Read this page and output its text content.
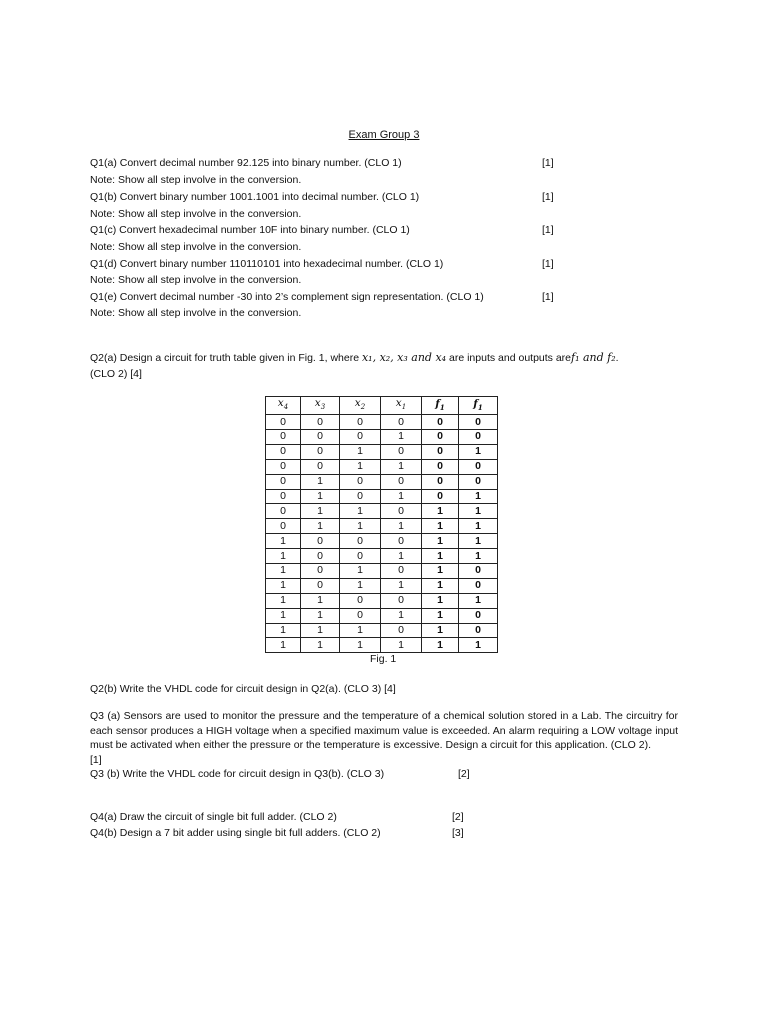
Exam Group 3
Q1(a) Convert decimal number 92.125 into binary number. (CLO 1)	[1]
Note: Show all step involve in the conversion.
Q1(b) Convert binary number 1001.1001 into decimal number. (CLO 1)	[1]
Note: Show all step involve in the conversion.
Q1(c) Convert hexadecimal number 10F into binary number. (CLO 1)	[1]
Note: Show all step involve in the conversion.
Q1(d) Convert binary number 110110101 into hexadecimal number. (CLO 1)	[1]
Note: Show all step involve in the conversion.
Q1(e) Convert decimal number -30 into 2’s complement sign representation. (CLO 1)	[1]
Note: Show all step involve in the conversion.
Q2(a) Design a circuit for truth table given in Fig. 1, where x₁, x₂, x₃ and x₄ are inputs and outputs aref₁ and f₂.
(CLO 2) [4]
$x_4$	$x_3$	$x_2$	$x_1$	$f_1$	$f_1$
0	0	0	0	0	0
0	0	0	1	0	0
0	0	1	0	0	1
0	0	1	1	0	0
0	1	0	0	0	0
0	1	0	1	0	1
0	1	1	0	1	1
0	1	1	1	1	1
1	0	0	0	1	1
1	0	0	1	1	1
1	0	1	0	1	0
1	0	1	1	1	0
1	1	0	0	1	1
1	1	0	1	1	0
1	1	1	0	1	0
1	1	1	1	1	1
Fig. 1
Q2(b) Write the VHDL code for circuit design in Q2(a). (CLO 3) [4]
Q3 (a) Sensors are used to monitor the pressure and the temperature of a chemical solution stored in a Lab. The circuitry for each sensor produces a HIGH voltage when a specified maximum value is exceeded. An alarm requiring a LOW voltage input must be activated when either the pressure or the temperature is excessive. Design a circuit for this application. (CLO 2).[1]
Q3 (b) Write the VHDL code for circuit design in Q3(b). (CLO 3)	[2]
Q4(a) Draw the circuit of single bit full adder. (CLO 2)	[2]
Q4(b) Design a 7 bit adder using single bit full adders. (CLO 2)	[3]
